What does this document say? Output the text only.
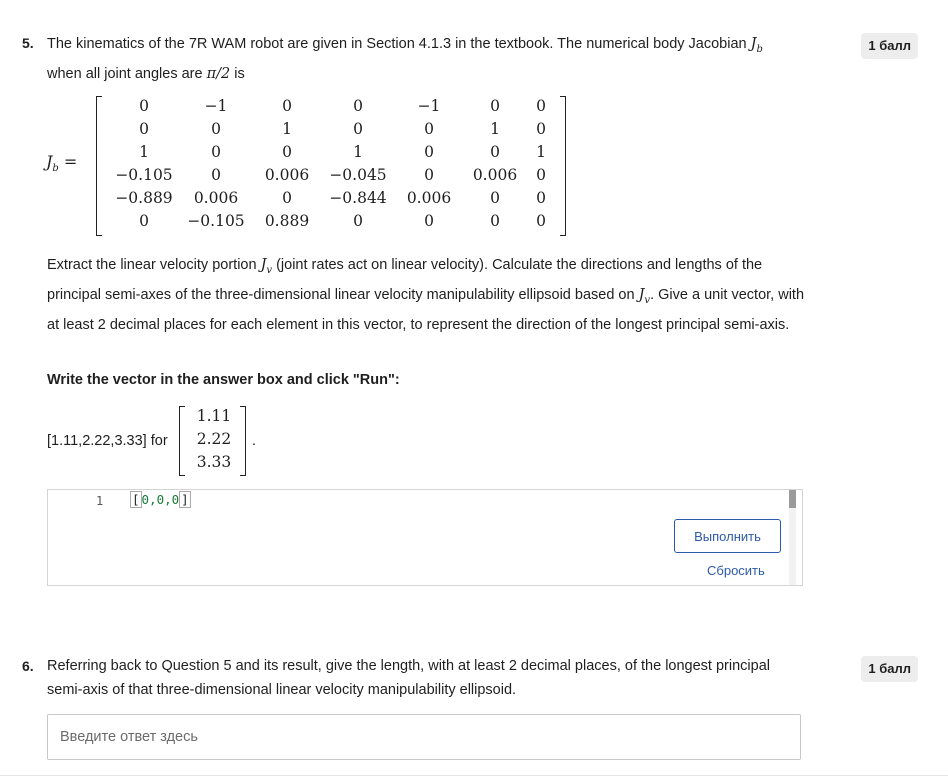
5.	1 балл
The kinematics of the 7R WAM robot are given in Section 4.1.3 in the textbook. The numerical body Jacobian $J_b$
when all joint angles are π/2 is
$J_b$ =
0	−1	0	0	−1	0	0
0	0	1	0	0	1	0
1	0	0	1	0	0	1
−0.105	0	0.006	−0.045	0	0.006	0
−0.889	0.006	0	−0.844	0.006	0	0
0	−0.105	0.889	0	0	0	0
Extract the linear velocity portion $J_v$ (joint rates act on linear velocity). Calculate the directions and lengths of the principal semi-axes of the three-dimensional linear velocity manipulability ellipsoid based on $J_v$. Give a unit vector, with at least 2 decimal places for each element in this vector, to represent the direction of the longest principal semi-axis.
Write the vector in the answer box and click "Run":
[1.11,2.22,3.33] for
1.11
2.22
3.33
.
1 [ 0,0,0 ]
Выполнить
Сбросить
6.	1 балл
Referring back to Question 5 and its result, give the length, with at least 2 decimal places, of the longest principal semi-axis of that three-dimensional linear velocity manipulability ellipsoid.
Введите ответ здесь
